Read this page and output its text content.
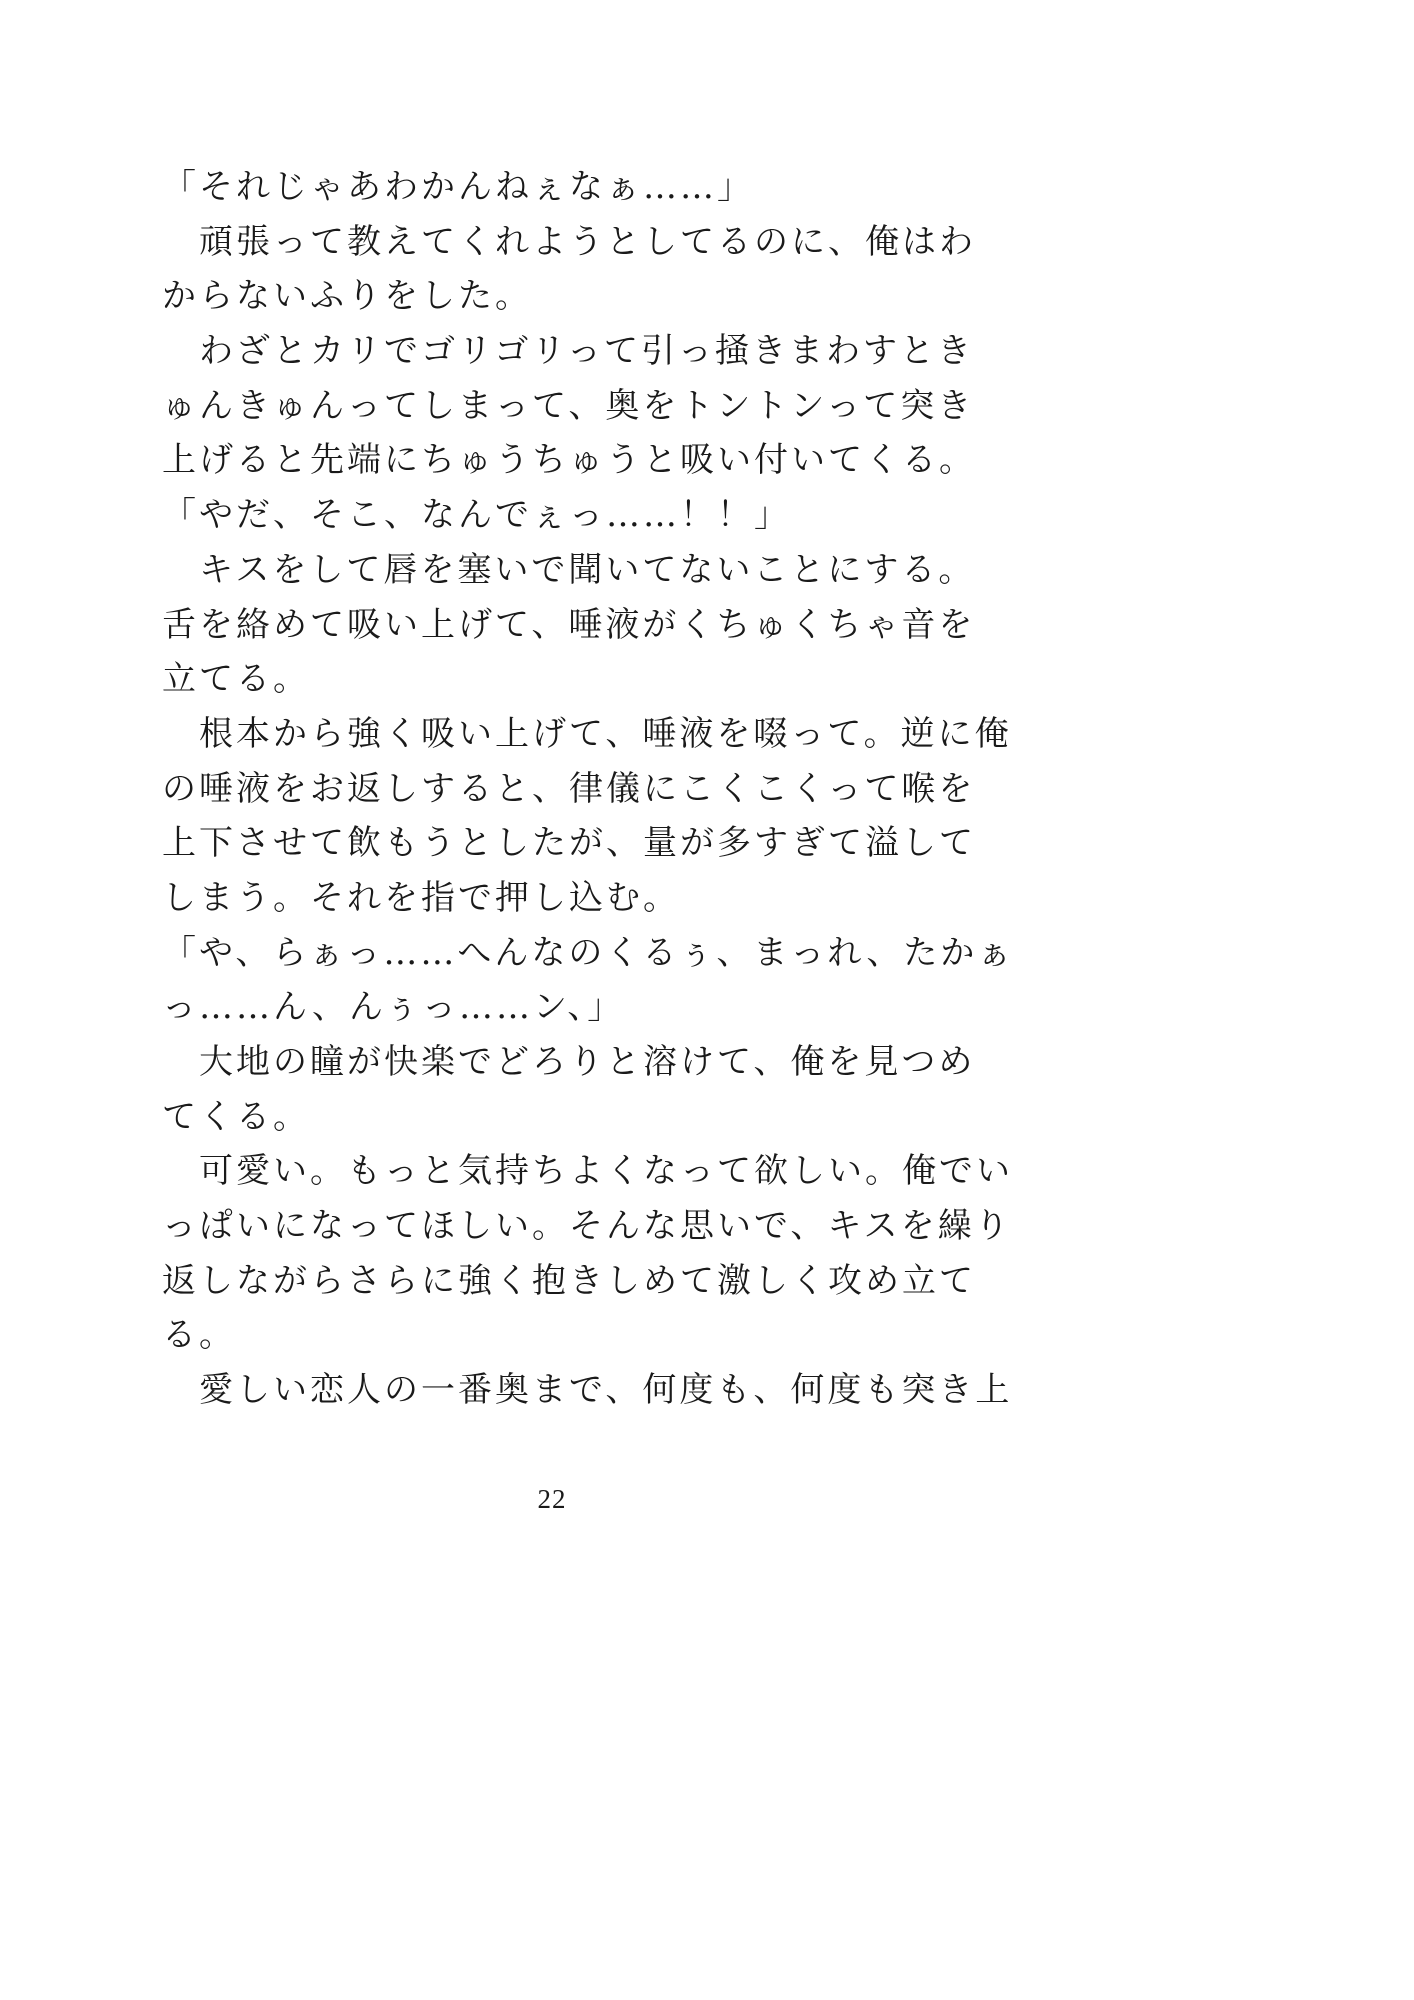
「それじゃあわかんねぇなぁ……」
　頑張って教えてくれようとしてるのに、俺はわ
からないふりをした。
　わざとカリでゴリゴリって引っ掻きまわすとき
ゅんきゅんってしまって、奥をトントンって突き
上げると先端にちゅうちゅうと吸い付いてくる。
「やだ、そこ、なんでぇっ……！！」
　キスをして唇を塞いで聞いてないことにする。
舌を絡めて吸い上げて、唾液がくちゅくちゃ音を
立てる。
　根本から強く吸い上げて、唾液を啜って。逆に俺
の唾液をお返しすると、律儀にこくこくって喉を
上下させて飲もうとしたが、量が多すぎて溢して
しまう。それを指で押し込む。
「や、らぁっ……へんなのくるぅ、まっれ、たかぁ
っ……ん、んぅっ……ン、」
　大地の瞳が快楽でどろりと溶けて、俺を見つめ
てくる。
　可愛い。もっと気持ちよくなって欲しい。俺でい
っぱいになってほしい。そんな思いで、キスを繰り
返しながらさらに強く抱きしめて激しく攻め立て
る。
　愛しい恋人の一番奥まで、何度も、何度も突き上
22
